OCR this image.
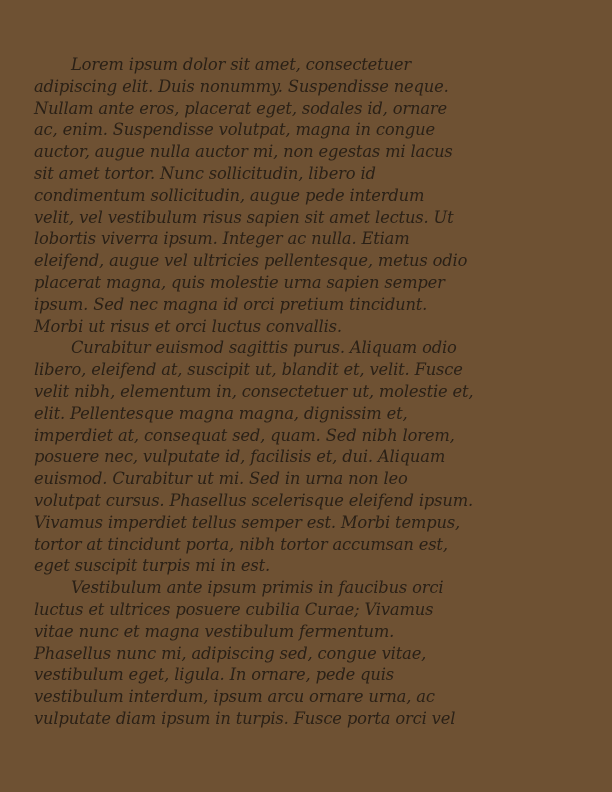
Lorem ipsum dolor sit amet, consectetuer
adipiscing elit. Duis nonummy. Suspendisse neque.
Nullam ante eros, placerat eget, sodales id, ornare
ac, enim. Suspendisse volutpat, magna in congue
auctor, augue nulla auctor mi, non egestas mi lacus
sit amet tortor. Nunc sollicitudin, libero id
condimentum sollicitudin, augue pede interdum
velit, vel vestibulum risus sapien sit amet lectus. Ut
lobortis viverra ipsum. Integer ac nulla. Etiam
eleifend, augue vel ultricies pellentesque, metus odio
placerat magna, quis molestie urna sapien semper
ipsum. Sed nec magna id orci pretium tincidunt.
Morbi ut risus et orci luctus convallis.
Curabitur euismod sagittis purus. Aliquam odio
libero, eleifend at, suscipit ut, blandit et, velit. Fusce
velit nibh, elementum in, consectetuer ut, molestie et,
elit. Pellentesque magna magna, dignissim et,
imperdiet at, consequat sed, quam. Sed nibh lorem,
posuere nec, vulputate id, facilisis et, dui. Aliquam
euismod. Curabitur ut mi. Sed in urna non leo
volutpat cursus. Phasellus scelerisque eleifend ipsum.
Vivamus imperdiet tellus semper est. Morbi tempus,
tortor at tincidunt porta, nibh tortor accumsan est,
eget suscipit turpis mi in est.
Vestibulum ante ipsum primis in faucibus orci
luctus et ultrices posuere cubilia Curae; Vivamus
vitae nunc et magna vestibulum fermentum.
Phasellus nunc mi, adipiscing sed, congue vitae,
vestibulum eget, ligula. In ornare, pede quis
vestibulum interdum, ipsum arcu ornare urna, ac
vulputate diam ipsum in turpis. Fusce porta orci vel
